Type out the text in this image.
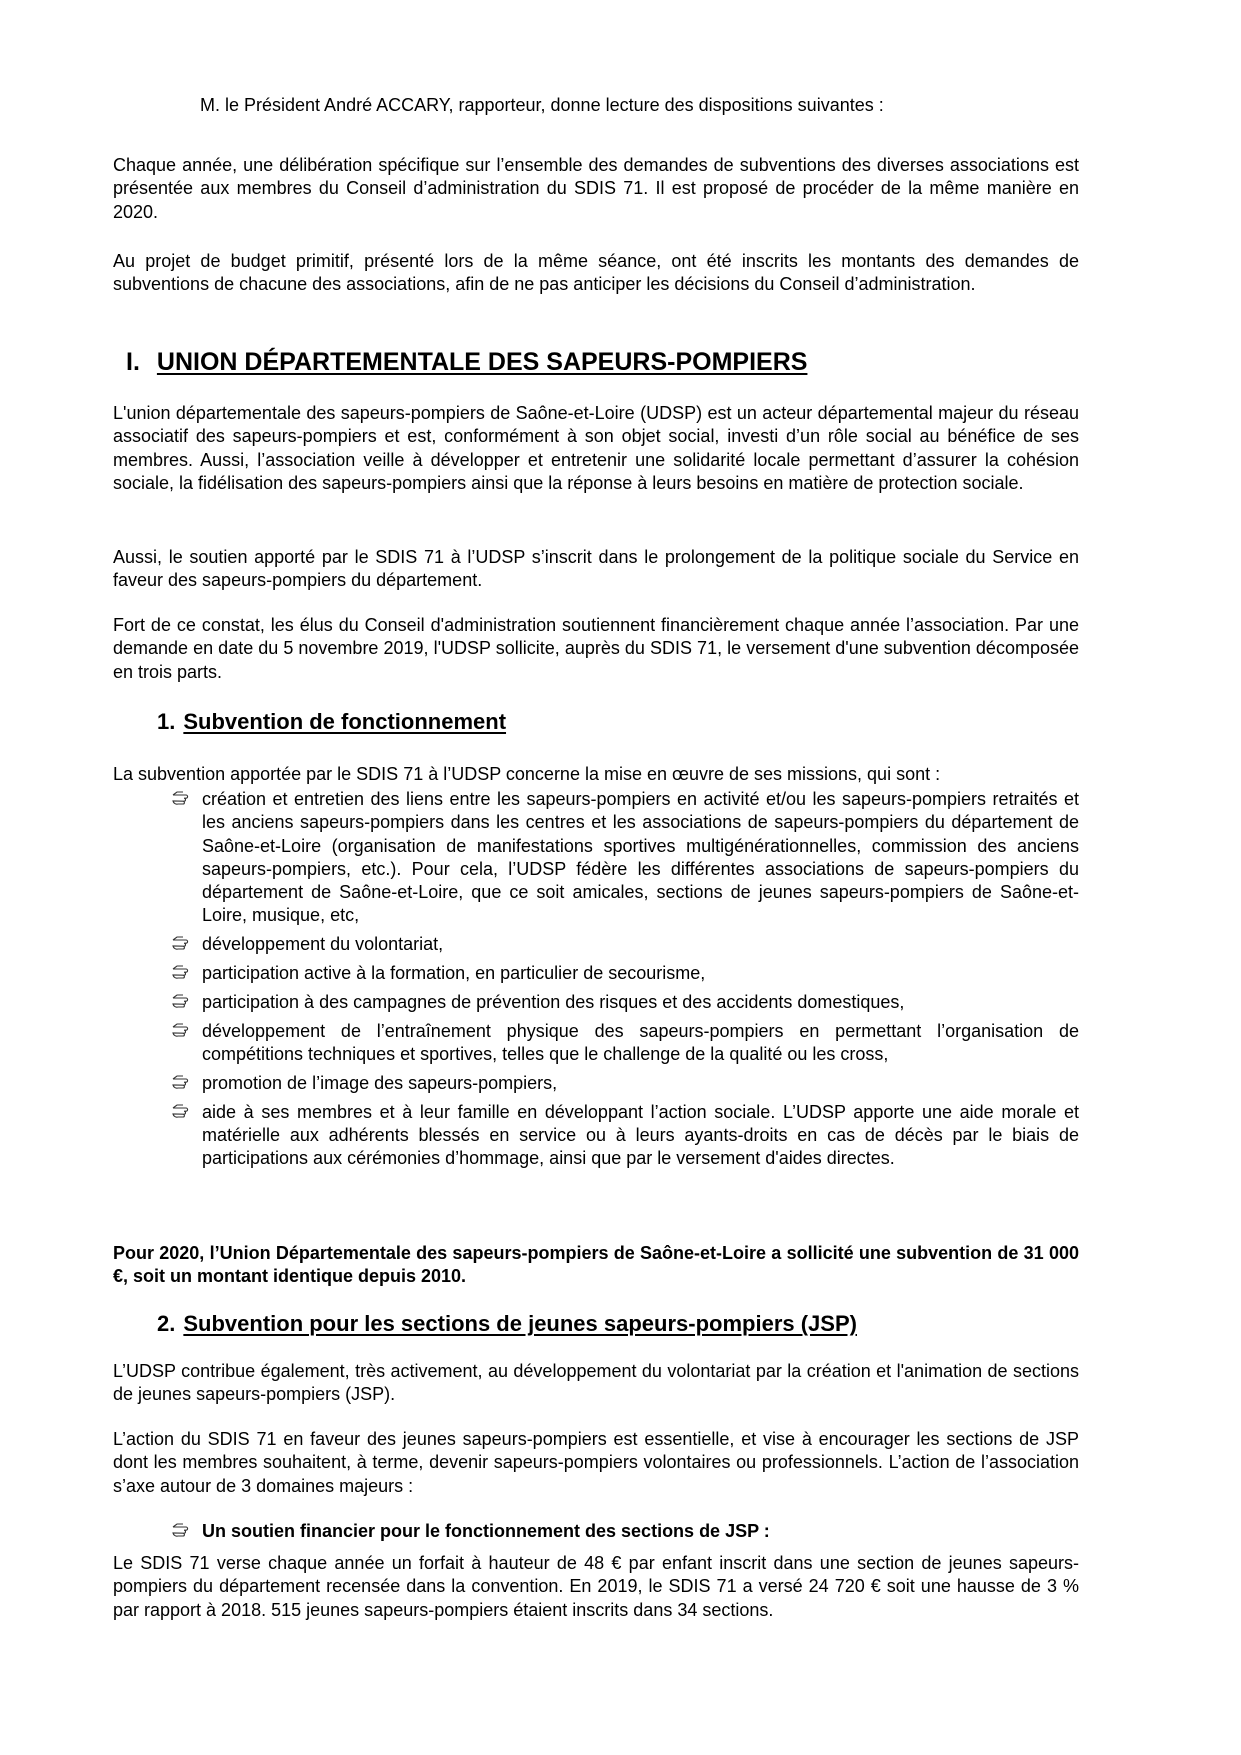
M. le Président André ACCARY, rapporteur, donne lecture des dispositions suivantes :

Chaque année, une délibération spécifique sur l’ensemble des demandes de subventions des diverses associations est présentée aux membres du Conseil d’administration du SDIS 71. Il est proposé de procéder de la même manière en 2020.

Au projet de budget primitif, présenté lors de la même séance, ont été inscrits les montants des demandes de subventions de chacune des associations, afin de ne pas anticiper les décisions du Conseil d’administration.

I. UNION DÉPARTEMENTALE DES SAPEURS-POMPIERS

L'union départementale des sapeurs-pompiers de Saône-et-Loire (UDSP) est un acteur départemental majeur du réseau associatif des sapeurs-pompiers et est, conformément à son objet social, investi d’un rôle social au bénéfice de ses membres. Aussi, l’association veille à développer et entretenir une solidarité locale permettant d’assurer la cohésion sociale, la fidélisation des sapeurs-pompiers ainsi que la réponse à leurs besoins en matière de protection sociale.

Aussi, le soutien apporté par le SDIS 71 à l’UDSP s’inscrit dans le prolongement de la politique sociale du Service en faveur des sapeurs-pompiers du département.

Fort de ce constat, les élus du Conseil d'administration soutiennent financièrement chaque année l’association. Par une demande en date du 5 novembre 2019, l'UDSP sollicite, auprès du SDIS 71, le versement d'une subvention décomposée en trois parts.

1. Subvention de fonctionnement

La subvention apportée par le SDIS 71 à l’UDSP concerne la mise en œuvre de ses missions, qui sont :

création et entretien des liens entre les sapeurs-pompiers en activité et/ou les sapeurs-pompiers retraités et les anciens sapeurs-pompiers dans les centres et les associations de sapeurs-pompiers du département de Saône-et-Loire (organisation de manifestations sportives multigénérationnelles, commission des anciens sapeurs-pompiers, etc.). Pour cela, l’UDSP fédère les différentes associations de sapeurs-pompiers du département de Saône-et-Loire, que ce soit amicales, sections de jeunes sapeurs-pompiers de Saône-et-Loire, musique, etc,
développement du volontariat,
participation active à la formation, en particulier de secourisme,
participation à des campagnes de prévention des risques et des accidents domestiques,
développement de l’entraînement physique des sapeurs-pompiers en permettant l’organisation de compétitions techniques et sportives, telles que le challenge de la qualité ou les cross,
promotion de l’image des sapeurs-pompiers,
aide à ses membres et à leur famille en développant l’action sociale. L’UDSP apporte une aide morale et matérielle aux adhérents blessés en service ou à leurs ayants-droits en cas de décès par le biais de participations aux cérémonies d’hommage, ainsi que par le versement d'aides directes.

Pour 2020, l’Union Départementale des sapeurs-pompiers de Saône-et-Loire a sollicité une subvention de 31 000 €, soit un montant identique depuis 2010.

2. Subvention pour les sections de jeunes sapeurs-pompiers (JSP)

L’UDSP contribue également, très activement, au développement du volontariat par la création et l'animation de sections de jeunes sapeurs-pompiers (JSP).

L’action du SDIS 71 en faveur des jeunes sapeurs-pompiers est essentielle, et vise à encourager les sections de JSP dont les membres souhaitent, à terme, devenir sapeurs-pompiers volontaires ou professionnels. L’action de l’association s’axe autour de 3 domaines majeurs :

Un soutien financier pour le fonctionnement des sections de JSP :

Le SDIS 71 verse chaque année un forfait à hauteur de 48 € par enfant inscrit dans une section de jeunes sapeurs-pompiers du département recensée dans la convention. En 2019, le SDIS 71 a versé 24 720 € soit une hausse de 3 % par rapport à 2018. 515 jeunes sapeurs-pompiers étaient inscrits dans 34 sections.
